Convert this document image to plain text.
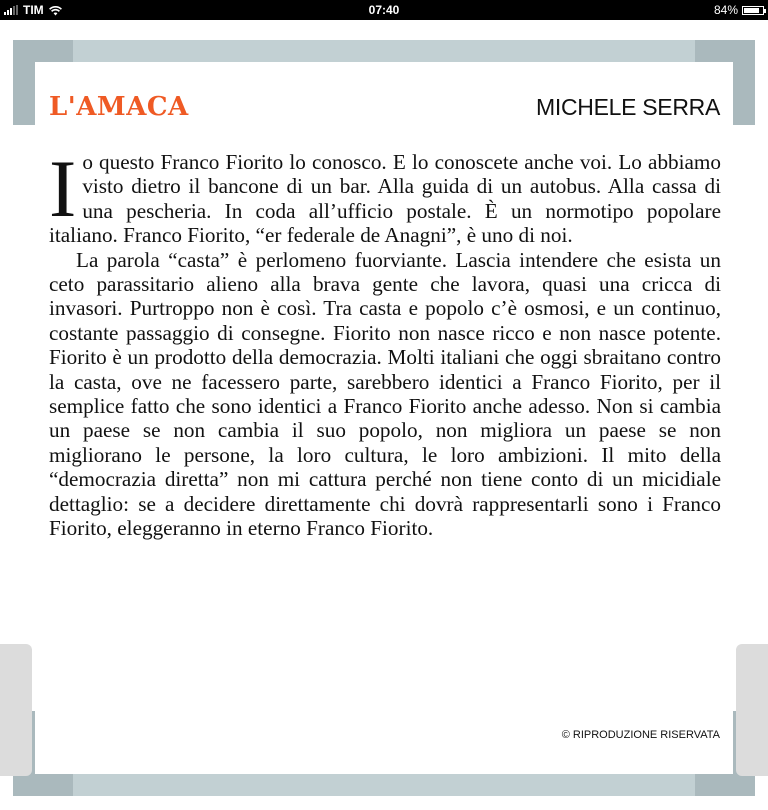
TIM	07:40	84%
L'AMACA	MICHELE SERRA

Io questo Franco Fiorito lo conosco. E lo conoscete anche voi. Lo abbiamo visto dietro il bancone di un bar. Alla guida di un autobus. Alla cassa di una pescheria. In coda all’ufficio postale. È un normotipo popolare italiano. Franco Fiorito, “er federale de Anagni”, è uno di noi.

La parola “casta” è perlomeno fuorviante. Lascia intendere che esista un ceto parassitario alieno alla brava gente che lavora, quasi una cricca di invasori. Purtroppo non è così. Tra casta e popolo c’è osmosi, e un continuo, costante passaggio di consegne. Fiorito non nasce ricco e non nasce potente. Fiorito è un prodotto della democrazia. Molti italiani che oggi sbraitano contro la casta, ove ne facessero parte, sarebbero identici a Franco Fiorito, per il semplice fatto che sono identici a Franco Fiorito anche adesso. Non si cambia un paese se non cambia il suo popolo, non migliora un paese se non migliorano le persone, la loro cultura, le loro ambizioni. Il mito della “democrazia diretta” non mi cattura perché non tiene conto di un micidiale dettaglio: se a decidere direttamente chi dovrà rappresentarli sono i Franco Fiorito, eleggeranno in eterno Franco Fiorito.

© RIPRODUZIONE RISERVATA
